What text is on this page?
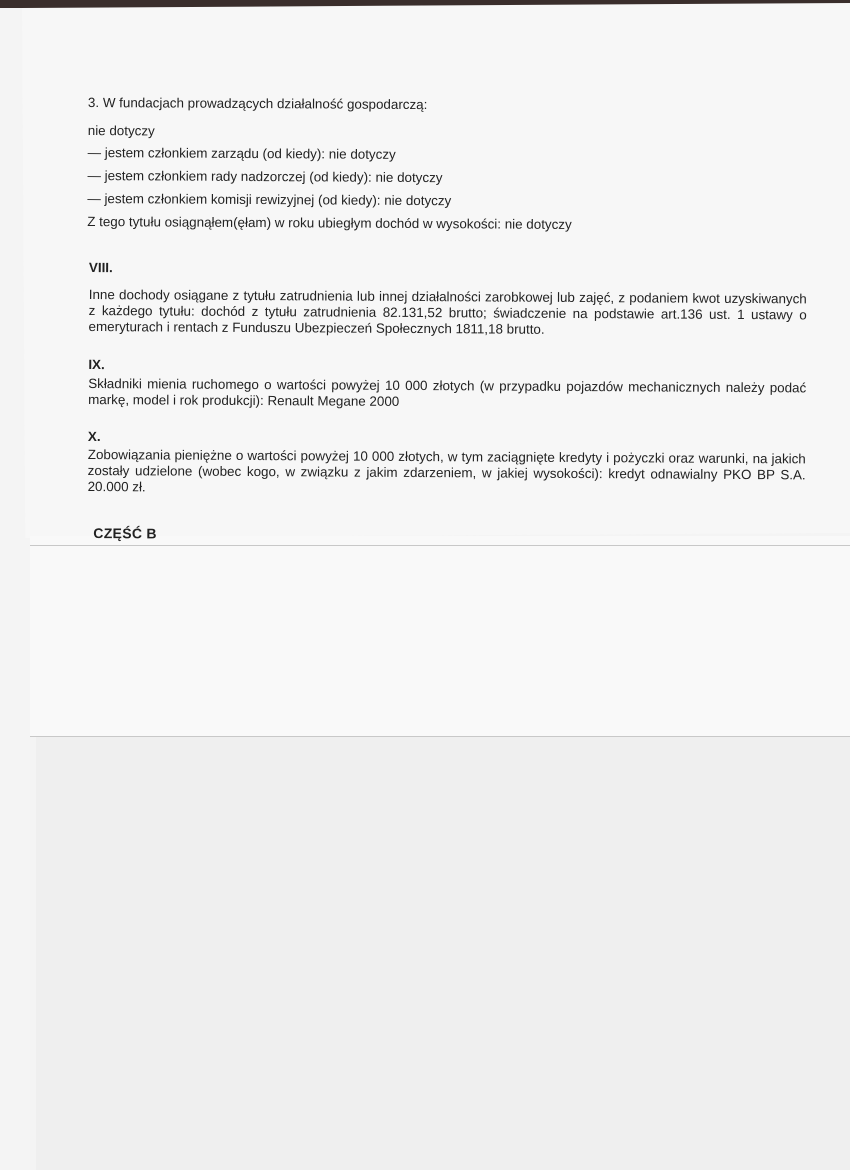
3. W fundacjach prowadzących działalność gospodarczą:
nie dotyczy
— jestem członkiem zarządu (od kiedy): nie dotyczy
— jestem członkiem rady nadzorczej (od kiedy): nie dotyczy
— jestem członkiem komisji rewizyjnej (od kiedy): nie dotyczy
Z tego tytułu osiągnąłem(ęłam) w roku ubiegłym dochód w wysokości: nie dotyczy
VIII.
Inne dochody osiągane z tytułu zatrudnienia lub innej działalności zarobkowej lub zajęć, z podaniem kwot uzyskiwanych z każdego tytułu: dochód z tytułu zatrudnienia 82.131,52 brutto; świadczenie na podstawie art.136 ust. 1 ustawy o emeryturach i rentach z Funduszu Ubezpieczeń Społecznych 1811,18 brutto.
IX.
Składniki mienia ruchomego o wartości powyżej 10 000 złotych (w przypadku pojazdów mechanicznych należy podać markę, model i rok produkcji): Renault Megane 2000
X.
Zobowiązania pieniężne o wartości powyżej 10 000 złotych, w tym zaciągnięte kredyty i pożyczki oraz warunki, na jakich zostały udzielone (wobec kogo, w związku z jakim zdarzeniem, w jakiej wysokości): kredyt odnawialny PKO BP S.A. 20.000 zł.
CZĘŚĆ B
